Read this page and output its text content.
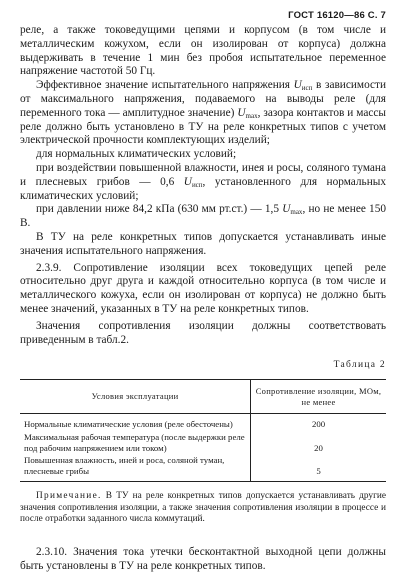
ГОСТ 16120—86 С. 7

реле, а также токоведущими цепями и корпусом (в том числе и металлическим кожухом, если он изолирован от корпуса) должна выдерживать в течение 1 мин без пробоя испытательное переменное напряжение частотой 50 Гц.

Эффективное значение испытательного напряжения $U_{исп}$ в зависимости от максимального напряжения, подаваемого на выводы реле (для переменного тока — амплитудное значение) $U_{max}$, зазора контактов и массы реле должно быть установлено в ТУ на реле конкретных типов с учетом электрической прочности комплектующих изделий;

для нормальных климатических условий;

при воздействии повышенной влажности, инея и росы, соляного тумана и плесневых грибов — 0,6 $U_{исп}$, установленного для нормальных климатических условий;

при давлении ниже 84,2 кПа (630 мм рт.ст.) — 1,5 $U_{max}$, но не менее 150 В.

В ТУ на реле конкретных типов допускается устанавливать иные значения испытательного напряжения.

2.3.9. Сопротивление изоляции всех токоведущих цепей реле относительно друг друга и каждой относительно корпуса (в том числе и металлического кожуха, если он изолирован от корпуса) не должно быть менее значений, указанных в ТУ на реле конкретных типов.

Значения сопротивления изоляции должны соответствовать приведенным в табл.2.

Таблица 2

Условия эксплуатации	Сопротивление изоляции, МОм, не менее
Нормальные климатические условия (реле обесточены)	200
Максимальная рабочая температура (после выдержки реле под рабочим напряжением или током)	20
Повышенная влажность, иней и роса, соляной туман, плесневые грибы	5

Примечание. В ТУ на реле конкретных типов допускается устанавливать другие значения сопротивления изоляции, а также значения сопротивления изоляции в процессе и после отработки заданного числа коммутаций.

2.3.10. Значения тока утечки бесконтактной выходной цепи должны быть установлены в ТУ на реле конкретных типов.
